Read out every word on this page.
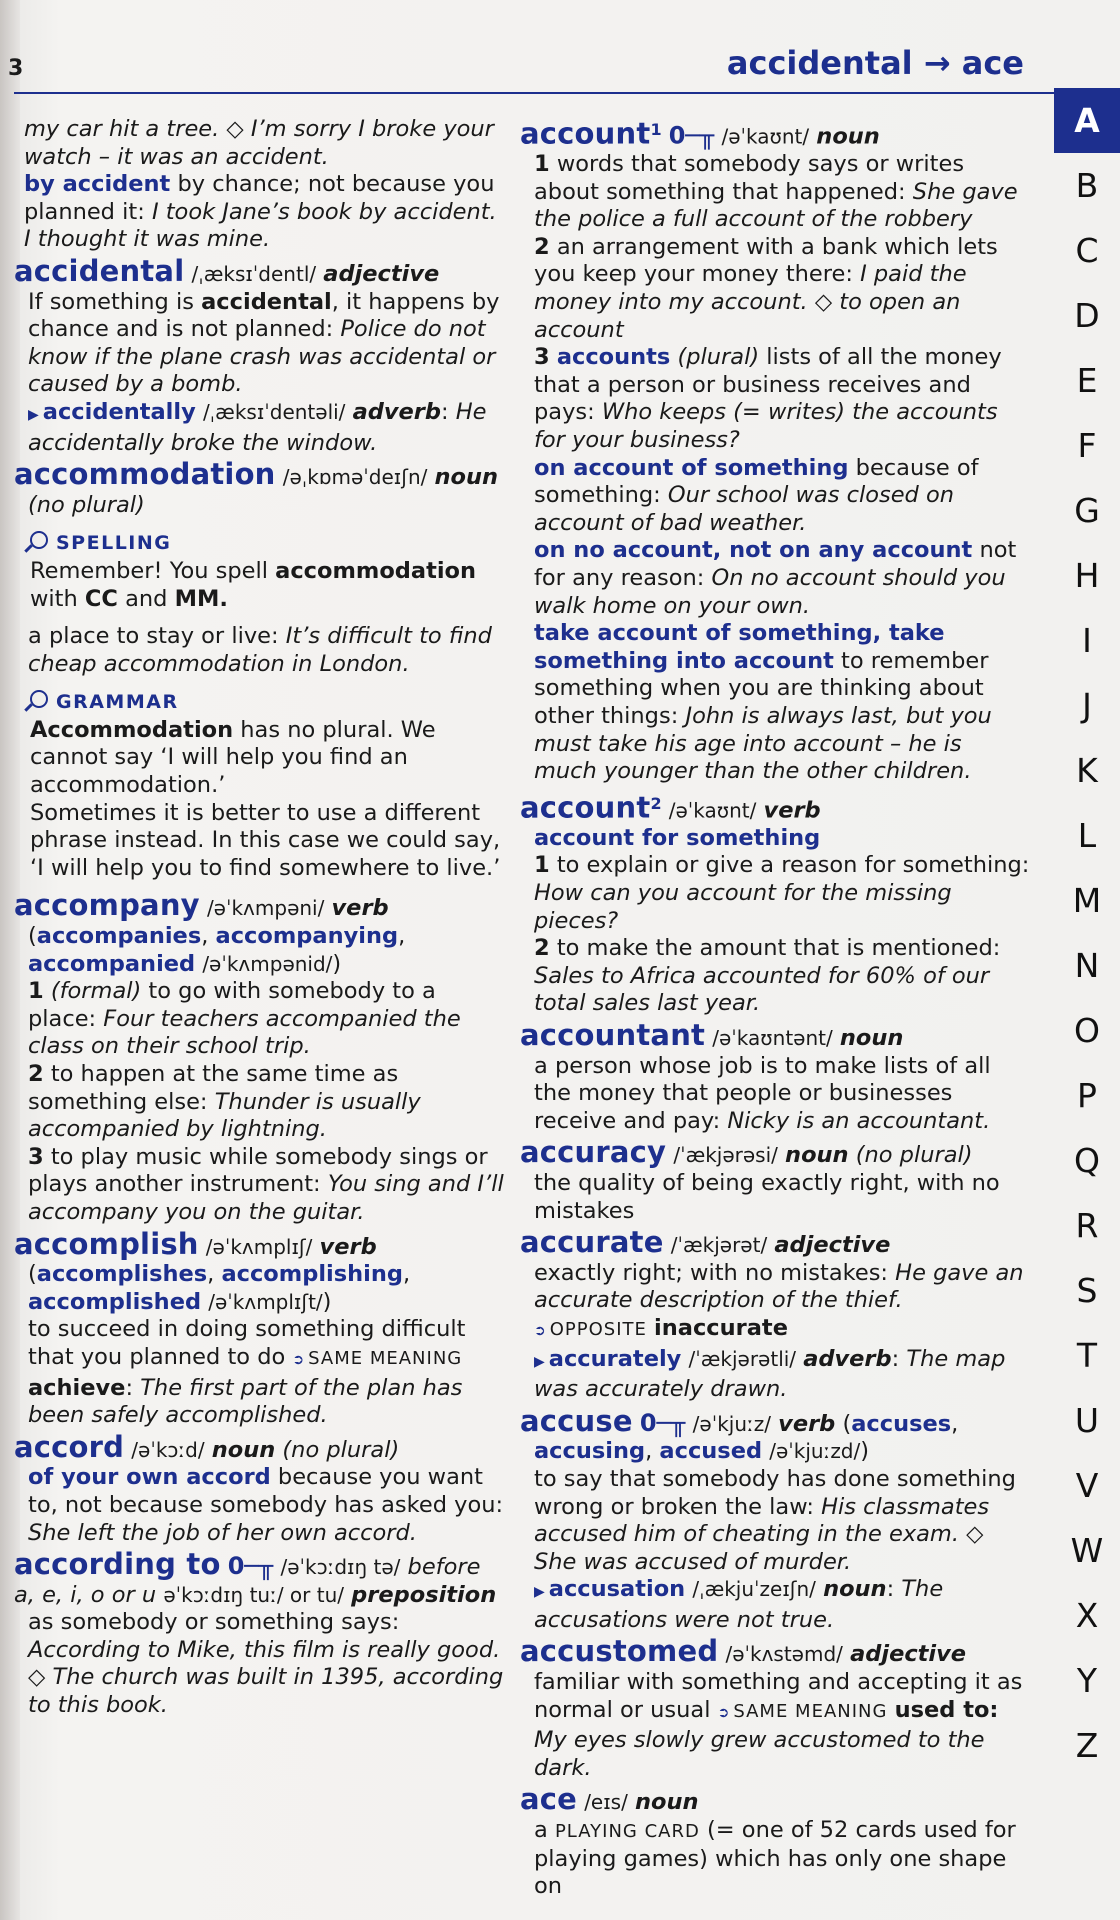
3	accidental → ace
my car hit a tree. ◇ I’m sorry I broke your watch – it was an accident.
by accident by chance; not because you planned it: I took Jane’s book by accident. I thought it was mine.
accidental /ˌæksɪˈdentl/ adjective
If something is accidental, it happens by chance and is not planned: Police do not know if the plane crash was accidental or caused by a bomb.
▶ accidentally /ˌæksɪˈdentəli/ adverb: He accidentally broke the window.
accommodation /əˌkɒməˈdeɪʃn/ noun
(no plural)
SPELLING
Remember! You spell accommodation with CC and MM.
a place to stay or live: It’s difficult to find cheap accommodation in London.
GRAMMAR
Accommodation has no plural. We cannot say ‘I will help you find an accommodation.’
Sometimes it is better to use a different phrase instead. In this case we could say, ‘I will help you to find somewhere to live.’
accompany /əˈkʌmpəni/ verb
(accompanies, accompanying, accompanied /əˈkʌmpənid/)
1 (formal) to go with somebody to a place: Four teachers accompanied the class on their school trip.
2 to happen at the same time as something else: Thunder is usually accompanied by lightning.
3 to play music while somebody sings or plays another instrument: You sing and I’ll accompany you on the guitar.
accomplish /əˈkʌmplɪʃ/ verb
(accomplishes, accomplishing, accomplished /əˈkʌmplɪʃt/)
to succeed in doing something difficult that you planned to do ➲ SAME MEANING achieve: The first part of the plan has been safely accomplished.
accord /əˈkɔːd/ noun (no plural)
of your own accord because you want to, not because somebody has asked you: She left the job of her own accord.
according to 0─╥ /əˈkɔːdɪŋ tə/ before a, e, i, o or u əˈkɔːdɪŋ tuː/ or tu/ preposition
as somebody or something says: According to Mike, this film is really good. ◇ The church was built in 1395, according to this book.
account$^1$ 0─╥ /əˈkaʊnt/ noun
1 words that somebody says or writes about something that happened: She gave the police a full account of the robbery
2 an arrangement with a bank which lets you keep your money there: I paid the money into my account. ◇ to open an account
3 accounts (plural) lists of all the money that a person or business receives and pays: Who keeps (= writes) the accounts for your business?
on account of something because of something: Our school was closed on account of bad weather.
on no account, not on any account not for any reason: On no account should you walk home on your own.
take account of something, take something into account to remember something when you are thinking about other things: John is always last, but you must take his age into account – he is much younger than the other children.
account$^2$ /əˈkaʊnt/ verb
account for something
1 to explain or give a reason for something: How can you account for the missing pieces?
2 to make the amount that is mentioned: Sales to Africa accounted for 60% of our total sales last year.
accountant /əˈkaʊntənt/ noun
a person whose job is to make lists of all the money that people or businesses receive and pay: Nicky is an accountant.
accuracy /ˈækjərəsi/ noun (no plural)
the quality of being exactly right, with no mistakes
accurate /ˈækjərət/ adjective
exactly right; with no mistakes: He gave an accurate description of the thief.
➲ OPPOSITE inaccurate
▶ accurately /ˈækjərətli/ adverb: The map was accurately drawn.
accuse 0─╥ /əˈkjuːz/ verb (accuses,
accusing, accused /əˈkjuːzd/)
to say that somebody has done something wrong or broken the law: His classmates accused him of cheating in the exam. ◇ She was accused of murder.
▶ accusation /ˌækjuˈzeɪʃn/ noun: The accusations were not true.
accustomed /əˈkʌstəmd/ adjective
familiar with something and accepting it as normal or usual ➲ SAME MEANING used to: My eyes slowly grew accustomed to the dark.
ace /eɪs/ noun
a PLAYING CARD (= one of 52 cards used for playing games) which has only one shape on
A
B
C
D
E
F
G
H
I
J
K
L
M
N
O
P
Q
R
S
T
U
V
W
X
Y
Z
